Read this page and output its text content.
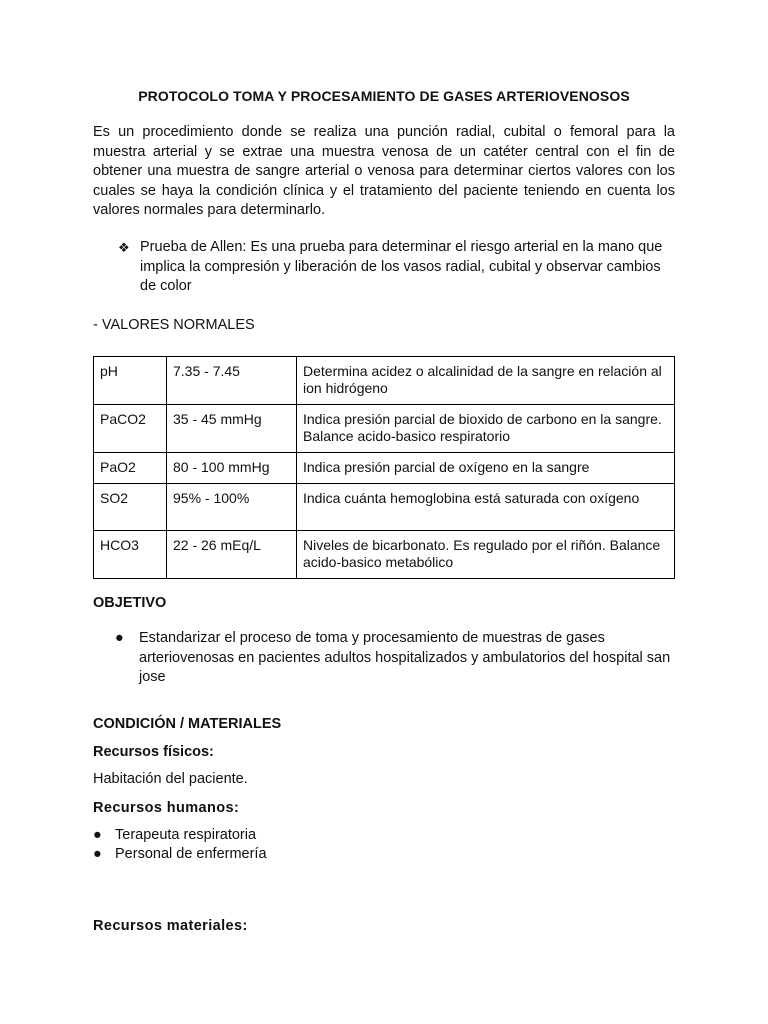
PROTOCOLO TOMA Y PROCESAMIENTO DE GASES ARTERIOVENOSOS
Es un procedimiento donde se realiza una punción radial, cubital o femoral para la muestra arterial y se extrae una muestra venosa de un catéter central con el fin de obtener una muestra de sangre arterial o venosa para determinar ciertos valores con los cuales se haya la condición clínica y el tratamiento del paciente teniendo en cuenta los valores normales para determinarlo.
❖ Prueba de Allen: Es una prueba para determinar el riesgo arterial en la mano que implica la compresión y liberación de los vasos radial, cubital y observar cambios de color
- VALORES NORMALES
pH	7.35 - 7.45	Determina acidez o alcalinidad de la sangre en relación al ion hidrógeno
PaCO2	35 - 45 mmHg	Indica presión parcial de bioxido de carbono en la sangre. Balance acido-basico respiratorio
PaO2	80 - 100 mmHg	Indica presión parcial de oxígeno en la sangre
SO2	95% - 100%	Indica cuánta hemoglobina está saturada con oxígeno
HCO3	22 - 26 mEq/L	Niveles de bicarbonato. Es regulado por el riñón. Balance acido-basico metabólico
OBJETIVO
●	Estandarizar el proceso de toma y procesamiento de muestras de gases arteriovenosas en pacientes adultos hospitalizados y ambulatorios del hospital san jose
CONDICIÓN / MATERIALES
Recursos físicos:
Habitación del paciente.
Recursos humanos:
● Terapeuta respiratoria
● Personal de enfermería
Recursos materiales:
